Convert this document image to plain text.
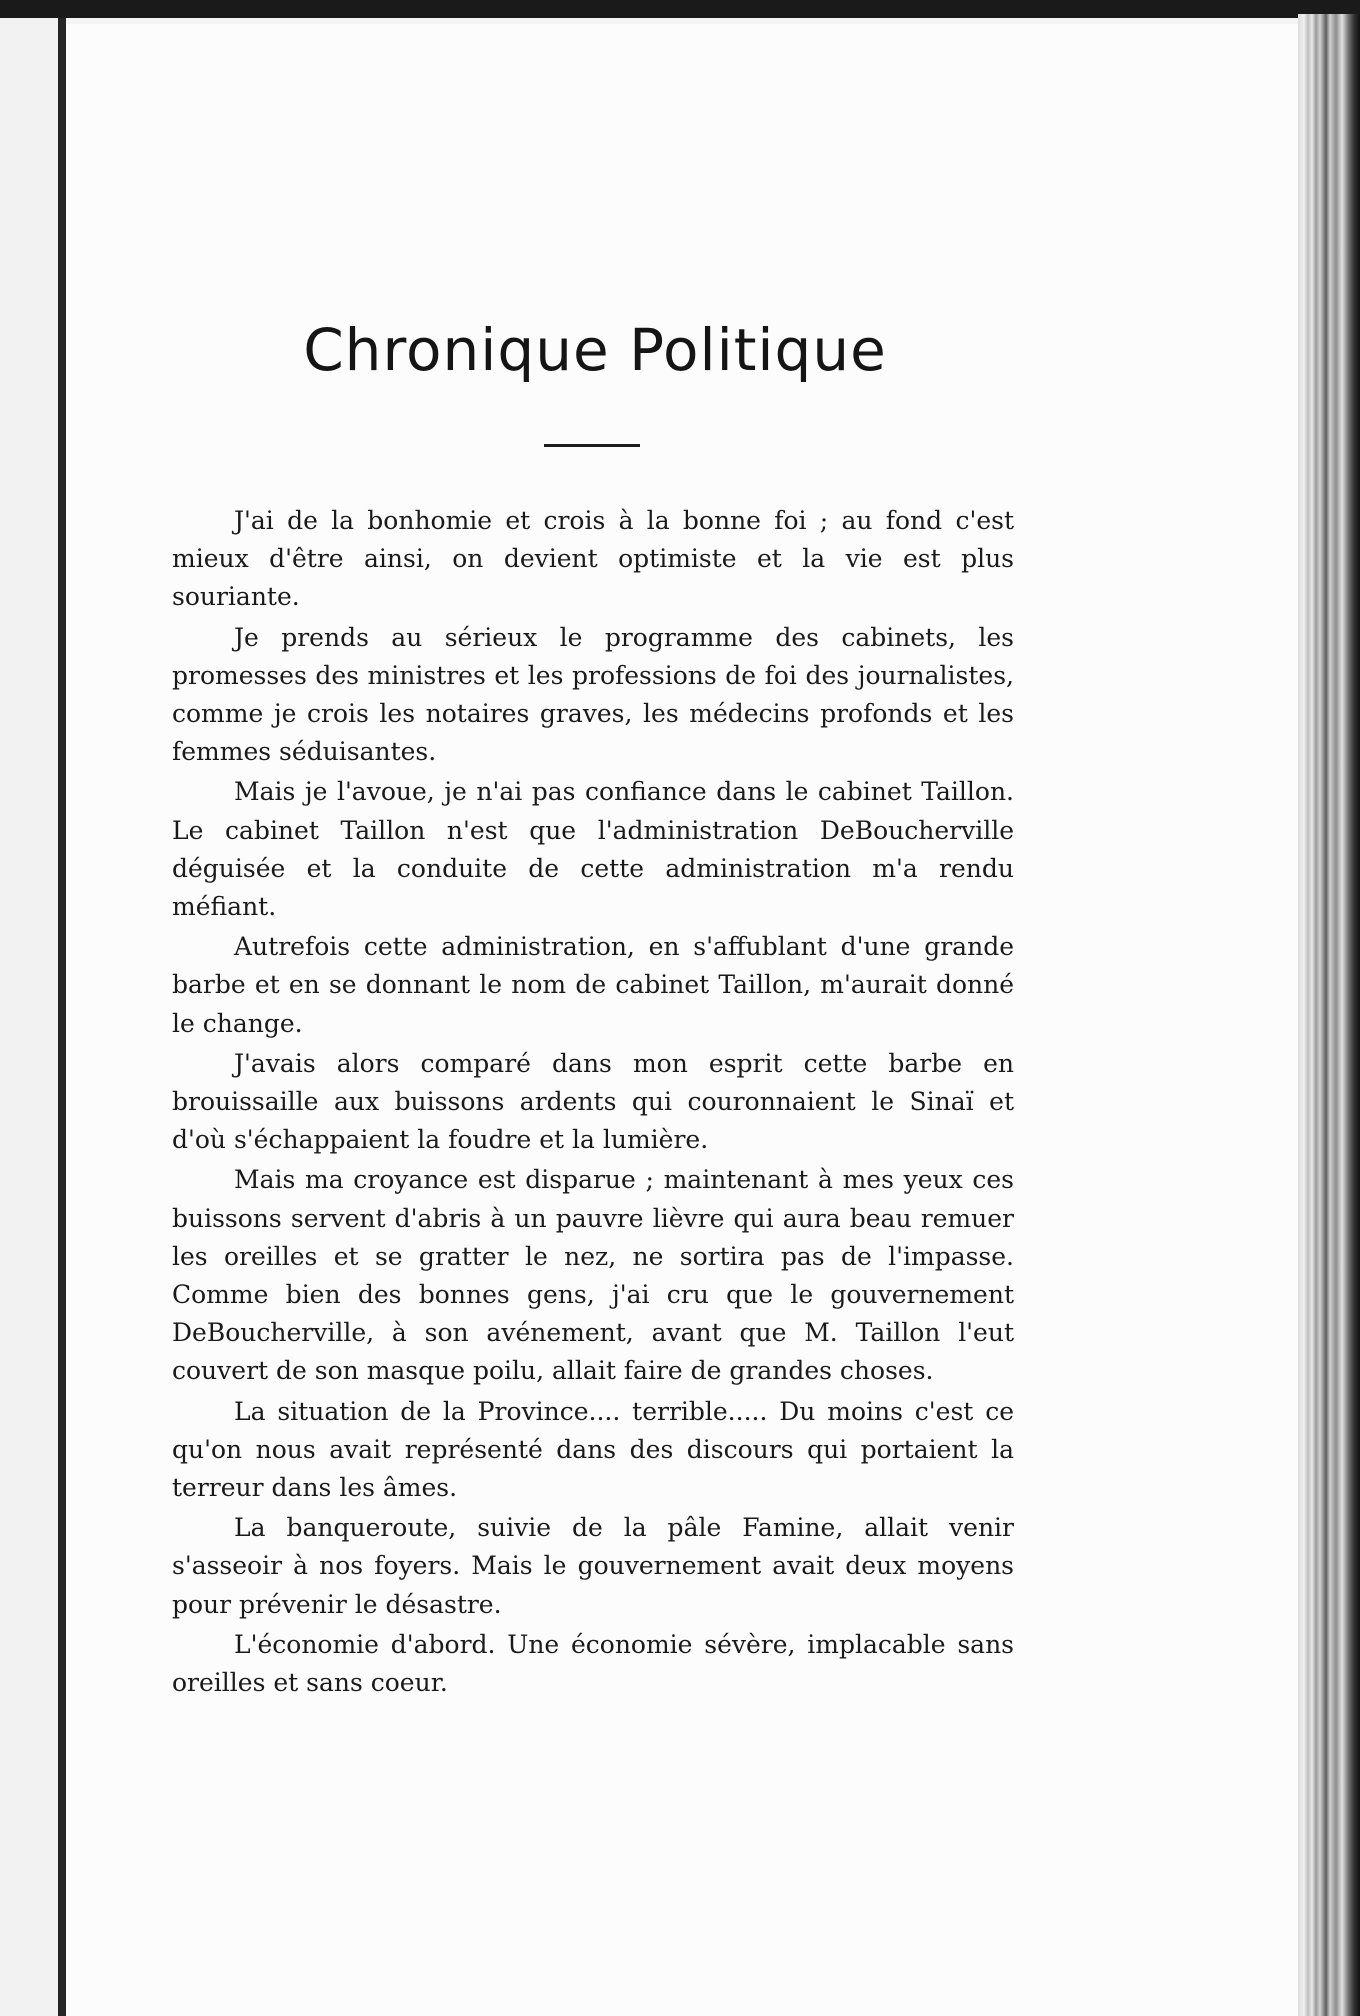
Chronique Politique

J'ai de la bonhomie et crois à la bonne foi ; au fond c'est mieux d'être ainsi, on devient optimiste et la vie est plus souriante.

Je prends au sérieux le programme des cabinets, les promesses des ministres et les professions de foi des journalistes, comme je crois les notaires graves, les médecins profonds et les femmes séduisantes.

Mais je l'avoue, je n'ai pas confiance dans le cabinet Taillon. Le cabinet Taillon n'est que l'administration DeBoucherville déguisée et la conduite de cette administration m'a rendu méfiant.

Autrefois cette administration, en s'affublant d'une grande barbe et en se donnant le nom de cabinet Taillon, m'aurait donné le change.

J'avais alors comparé dans mon esprit cette barbe en brouissaille aux buissons ardents qui couronnaient le Sinaï et d'où s'échappaient la foudre et la lumière.

Mais ma croyance est disparue ; maintenant à mes yeux ces buissons servent d'abris à un pauvre lièvre qui aura beau remuer les oreilles et se gratter le nez, ne sortira pas de l'impasse. Comme bien des bonnes gens, j'ai cru que le gouvernement DeBoucherville, à son avénement, avant que M. Taillon l'eut couvert de son masque poilu, allait faire de grandes choses.

La situation de la Province.... terrible..... Du moins c'est ce qu'on nous avait représenté dans des discours qui portaient la terreur dans les âmes.

La banqueroute, suivie de la pâle Famine, allait venir s'asseoir à nos foyers. Mais le gouvernement avait deux moyens pour prévenir le désastre.

L'économie d'abord. Une économie sévère, implacable sans oreilles et sans coeur.
